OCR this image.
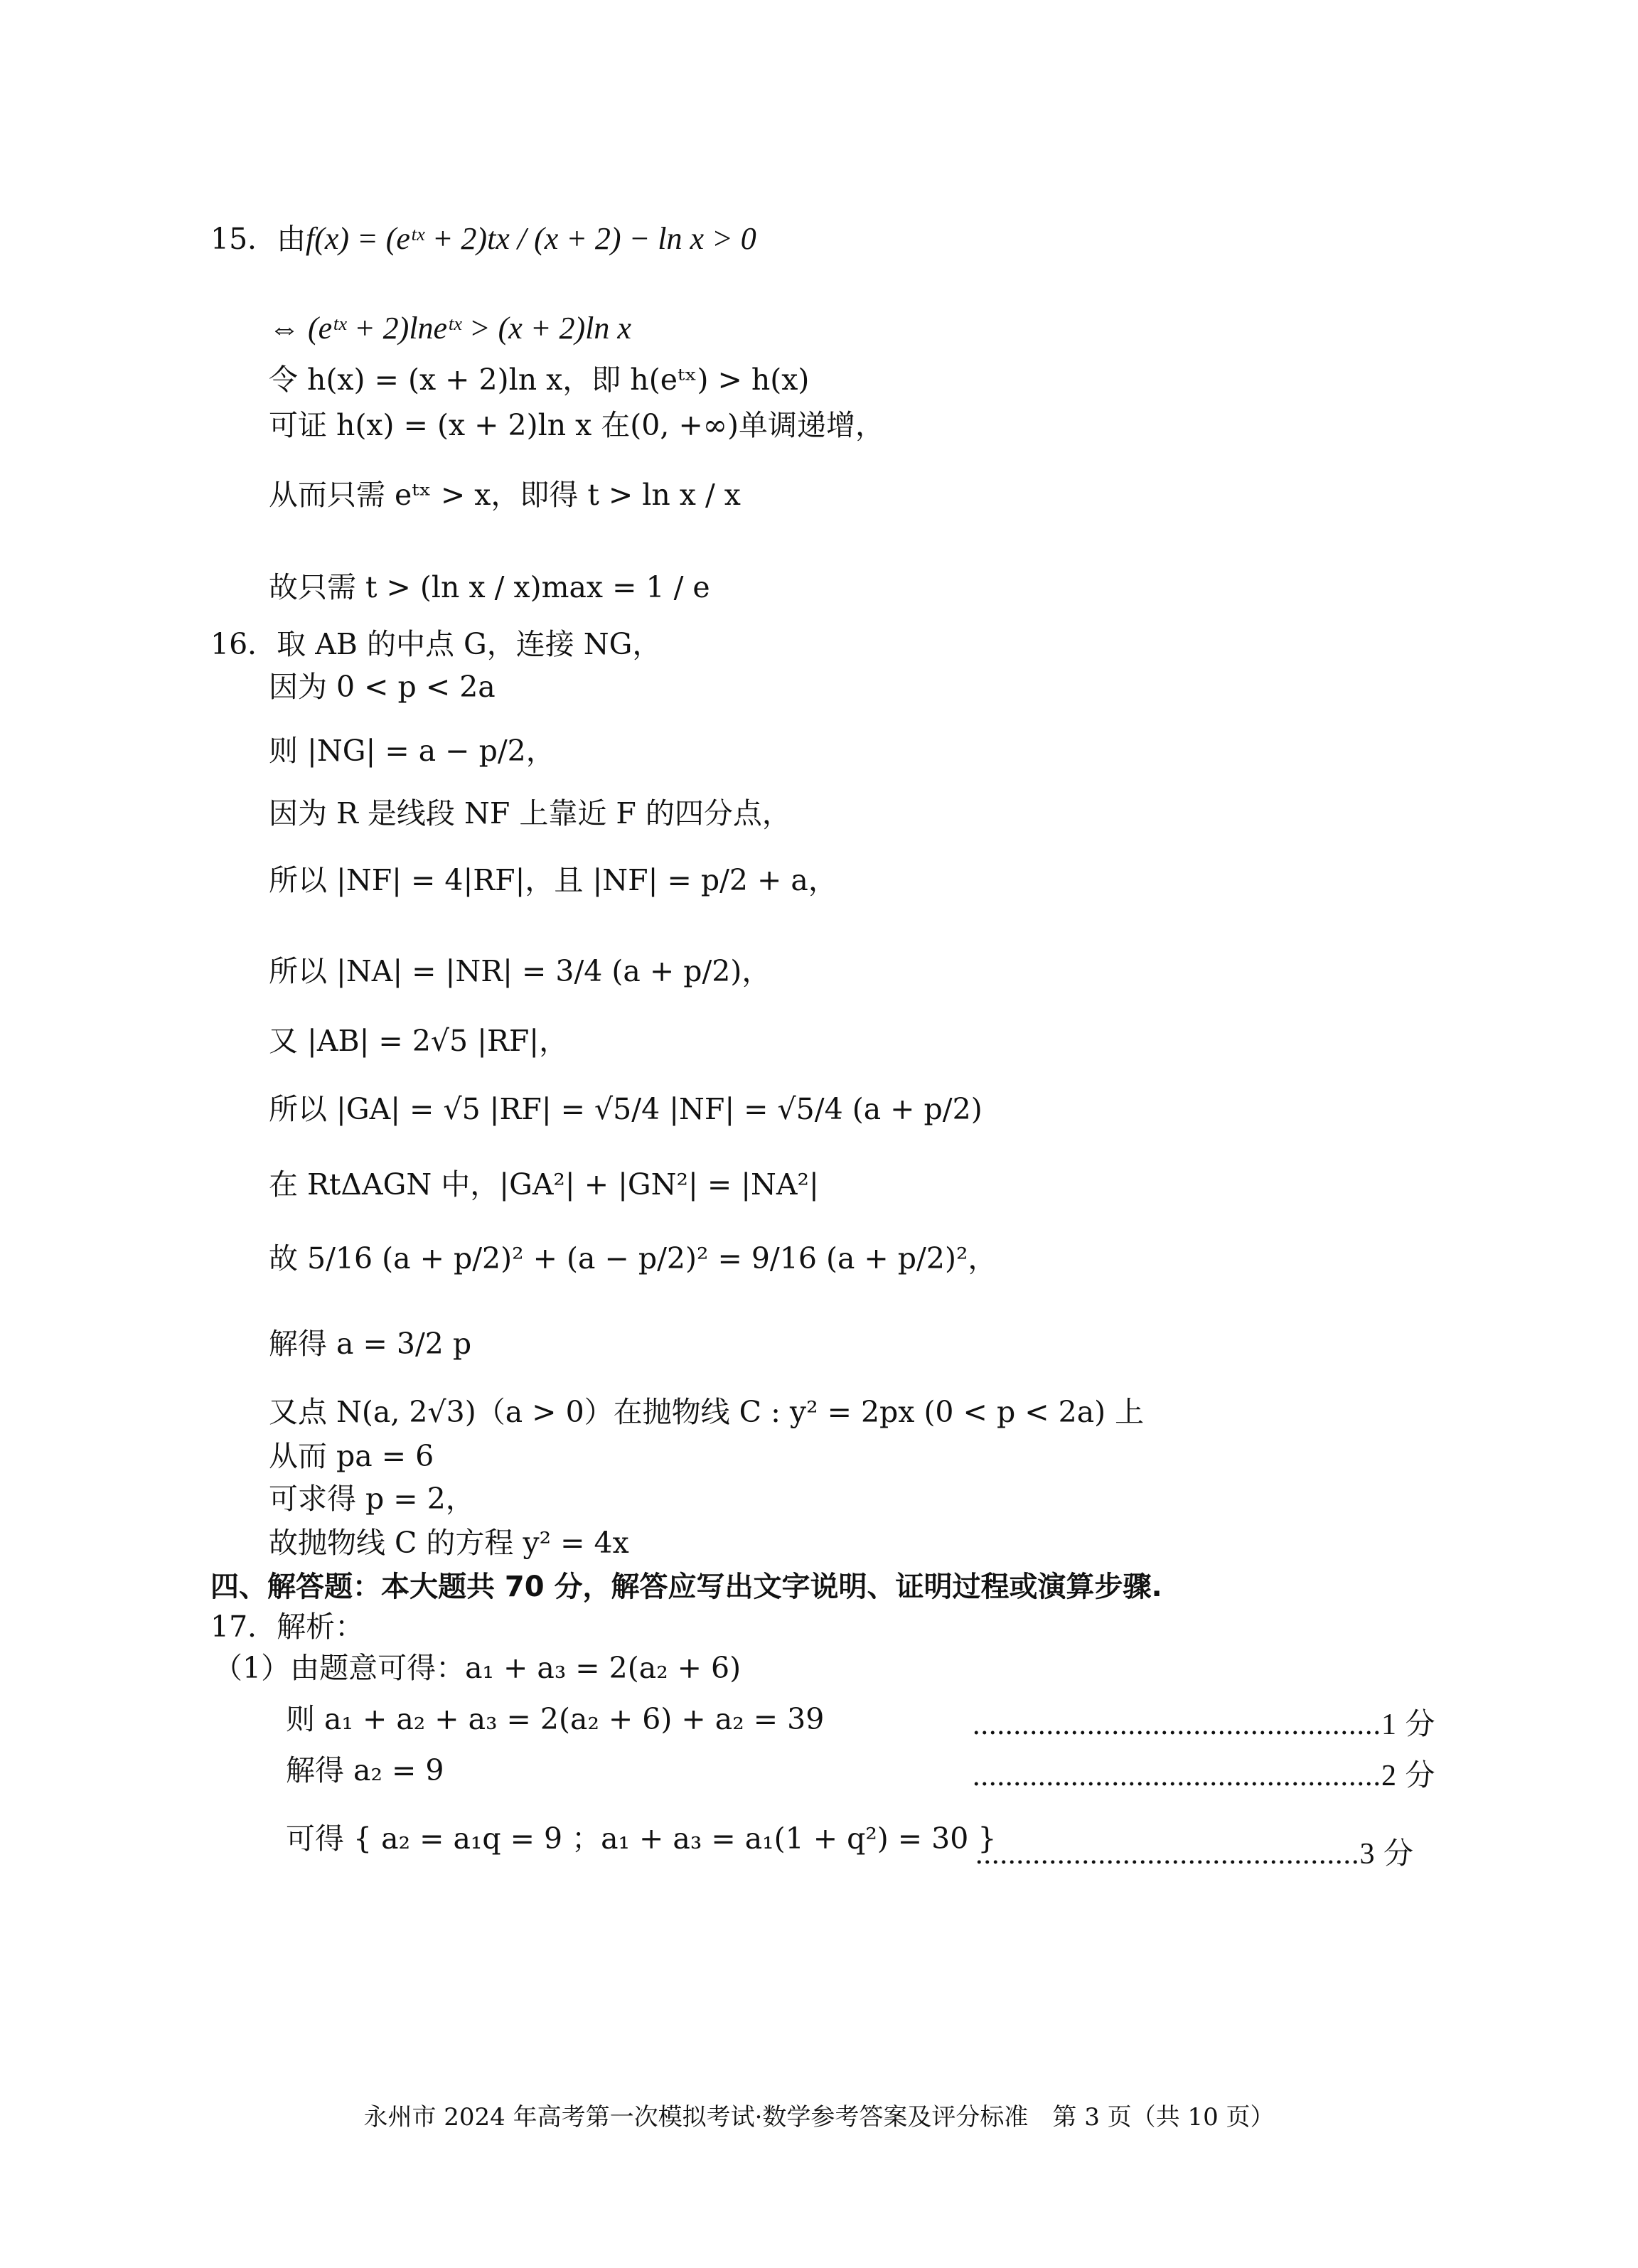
15．由 f(x) = (eᵗˣ + 2)tx / (x + 2) − ln x > 0
⇔ (eᵗˣ + 2)lneᵗˣ > (x + 2)ln x
令 h(x) = (x + 2)ln x，即 h(eᵗˣ) > h(x)
可证 h(x) = (x + 2)ln x 在(0, +∞)单调递增，
从而只需 eᵗˣ > x，即得 t > ln x / x
故只需 t > (ln x / x)max = 1 / e
16．取 AB 的中点 G，连接 NG，
因为 0 < p < 2a
则 |NG| = a − p/2，
因为 R 是线段 NF 上靠近 F 的四分点，
所以 |NF| = 4|RF|，且 |NF| = p/2 + a，
所以 |NA| = |NR| = 3/4 (a + p/2)，
又 |AB| = 2√5 |RF|，
所以 |GA| = √5 |RF| = √5/4 |NF| = √5/4 (a + p/2)
在 RtΔAGN 中，|GA²| + |GN²| = |NA²|
故 5/16 (a + p/2)² + (a − p/2)² = 9/16 (a + p/2)²，
解得 a = 3/2 p
又点 N(a, 2√3)（a > 0）在抛物线 C : y² = 2px (0 < p < 2a) 上
从而 pa = 6
可求得 p = 2，
故抛物线 C 的方程 y² = 4x
四、解答题：本大题共 70 分，解答应写出文字说明、证明过程或演算步骤.
17．解析：
（1）由题意可得：a₁ + a₃ = 2(a₂ + 6)
则 a₁ + a₂ + a₃ = 2(a₂ + 6) + a₂ = 39
解得 a₂ = 9
可得 { a₂ = a₁q = 9 ；a₁ + a₃ = a₁(1 + q²) = 30 }
..................................................1 分
..................................................2 分
...............................................3 分
永州市 2024 年高考第一次模拟考试·数学参考答案及评分标准　第 3 页（共 10 页）
